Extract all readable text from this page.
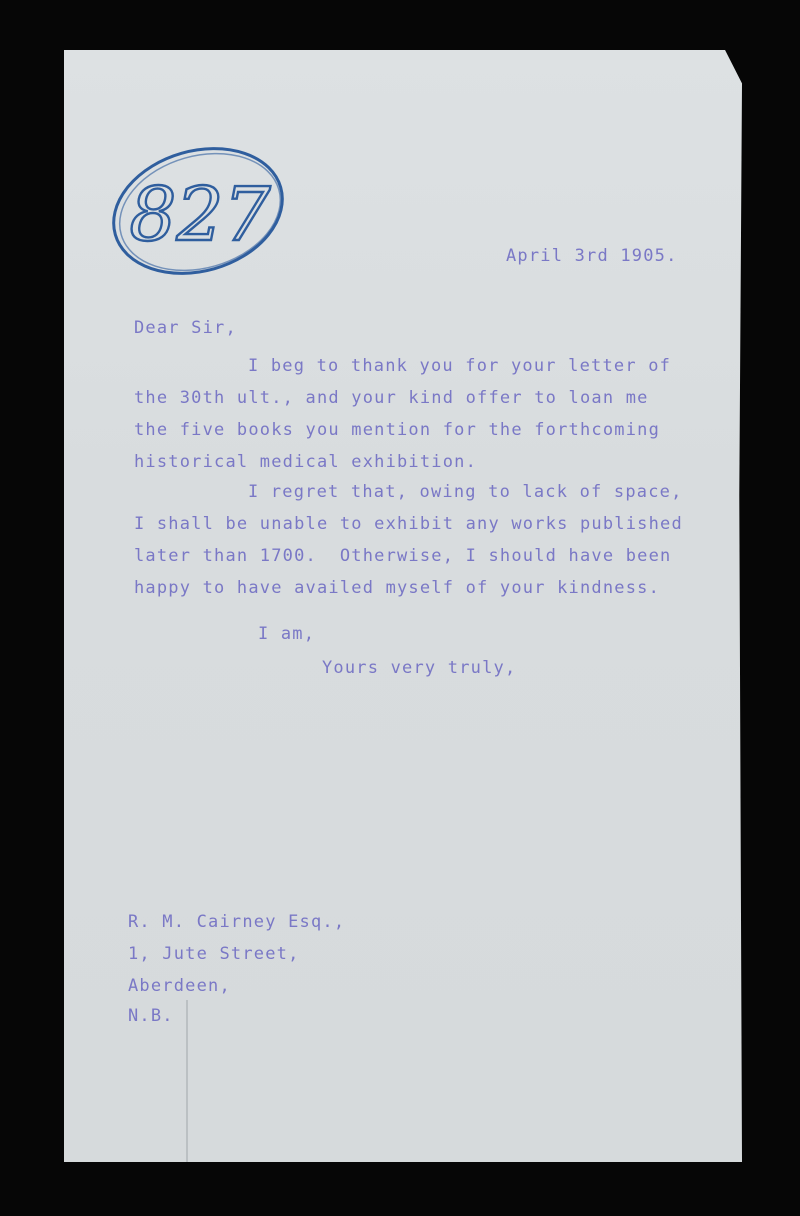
827	April 3rd 1905.
Dear Sir,
I beg to thank you for your letter of
the 30th ult., and your kind offer to loan me
the five books you mention for the forthcoming
historical medical exhibition.
I regret that, owing to lack of space,
I shall be unable to exhibit any works published
later than 1700.  Otherwise, I should have been
happy to have availed myself of your kindness.
I am,
Yours very truly,
R. M. Cairney Esq.,
1, Jute Street,
Aberdeen,
N.B.
